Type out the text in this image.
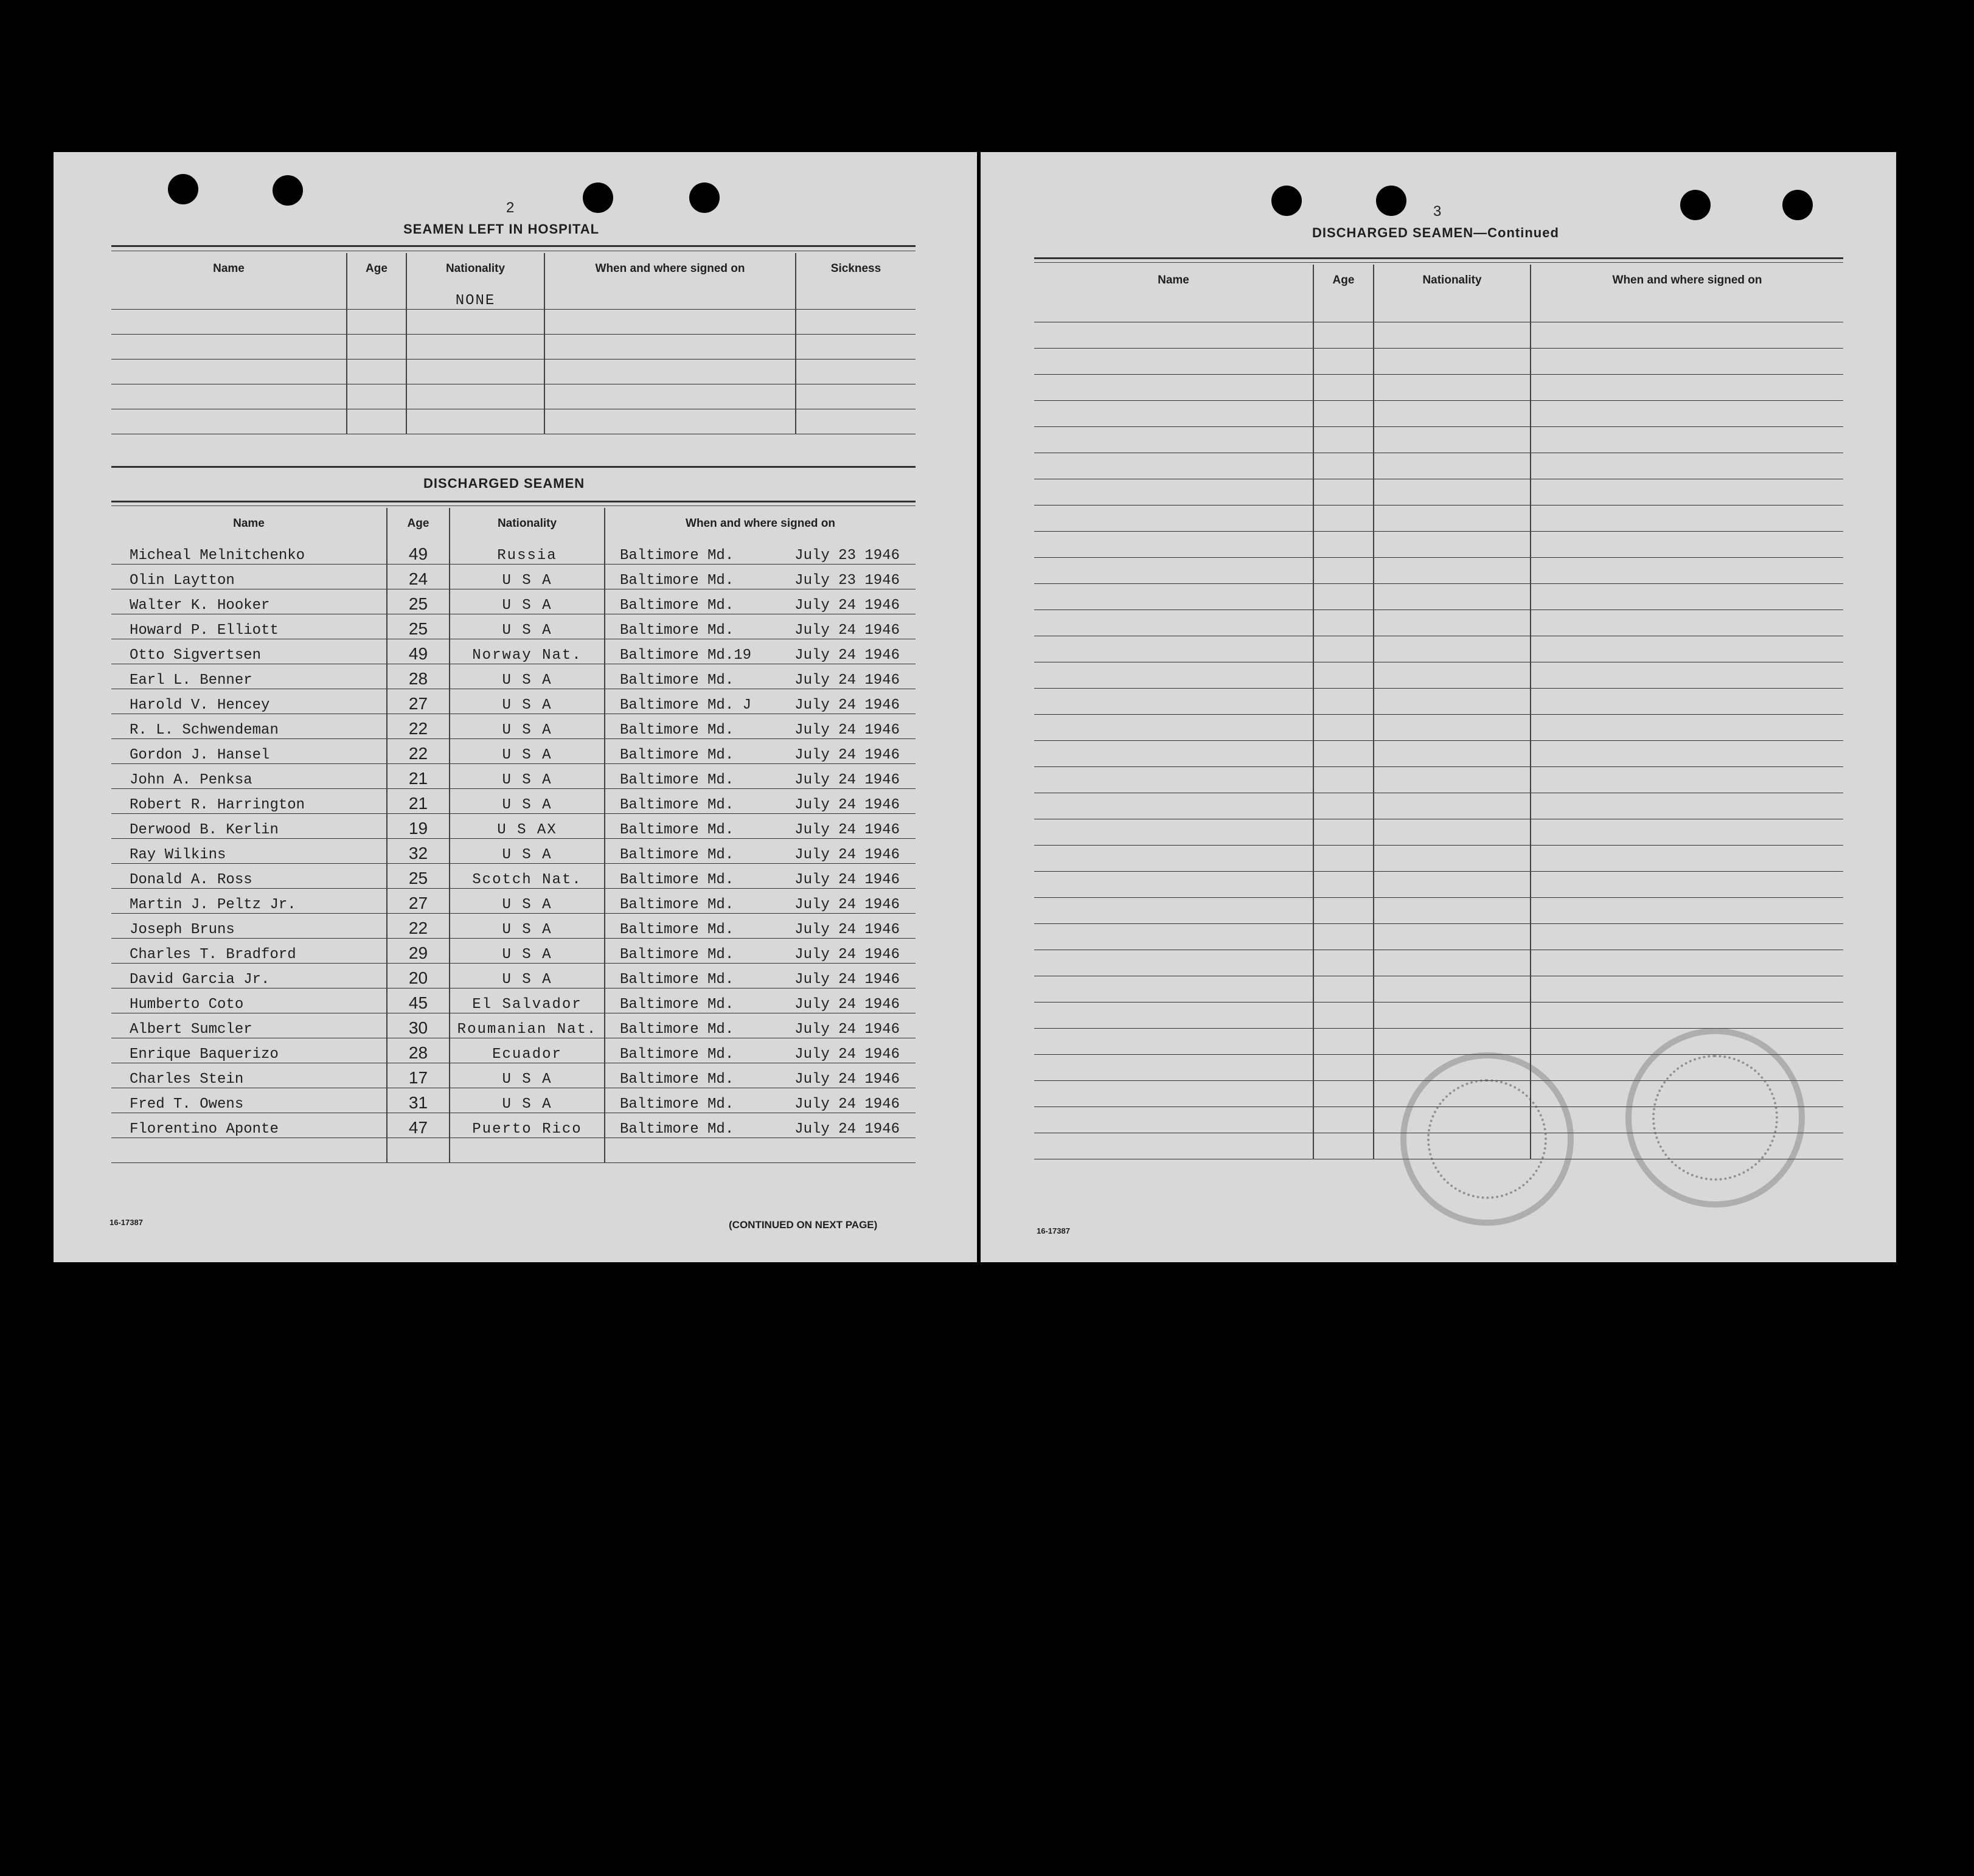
2
SEAMEN LEFT IN HOSPITAL
Name	Age	Nationality	When and where signed on	Sickness
		NONE		

DISCHARGED SEAMEN
Name	Age	Nationality	When and where signed on
Micheal Melnitchenko	49	Russia	Baltimore Md. July 23 1946

Olin Laytton	24	U S A	Baltimore Md. July 23 1946

Walter K. Hooker	25	U S A	Baltimore Md. July 24 1946

Howard P. Elliott	25	U S A	Baltimore Md. July 24 1946

Otto Sigvertsen	49	Norway Nat.	Baltimore Md.19 July 24 1946

Earl L. Benner	28	U S A	Baltimore Md. July 24 1946

Harold V. Hencey	27	U S A	Baltimore Md. J July 24 1946

R. L. Schwendeman	22	U S A	Baltimore Md. July 24 1946

Gordon J. Hansel	22	U S A	Baltimore Md. July 24 1946

John A. Penksa	21	U S A	Baltimore Md. July 24 1946

Robert R. Harrington	21	U S A	Baltimore Md. July 24 1946

Derwood B. Kerlin	19	U S AX	Baltimore Md. July 24 1946

Ray Wilkins	32	U S A	Baltimore Md. July 24 1946

Donald A. Ross	25	Scotch Nat.	Baltimore Md. July 24 1946

Martin J. Peltz Jr.	27	U S A	Baltimore Md. July 24 1946

Joseph Bruns	22	U S A	Baltimore Md. July 24 1946

Charles T. Bradford	29	U S A	Baltimore Md. July 24 1946

David Garcia Jr.	20	U S A	Baltimore Md. July 24 1946

Humberto Coto	45	El Salvador	Baltimore Md. July 24 1946

Albert Sumcler	30	Roumanian Nat.	Baltimore Md. July 24 1946

Enrique Baquerizo	28	Ecuador	Baltimore Md. July 24 1946

Charles Stein	17	U S A	Baltimore Md. July 24 1946

Fred T. Owens	31	U S A	Baltimore Md. July 24 1946

Florentino Aponte	47	Puerto Rico	Baltimore Md. July 24 1946

16-17387	(CONTINUED ON NEXT PAGE)
3
DISCHARGED SEAMEN—Continued
Name	Age	Nationality	When and where signed on

16-17387
